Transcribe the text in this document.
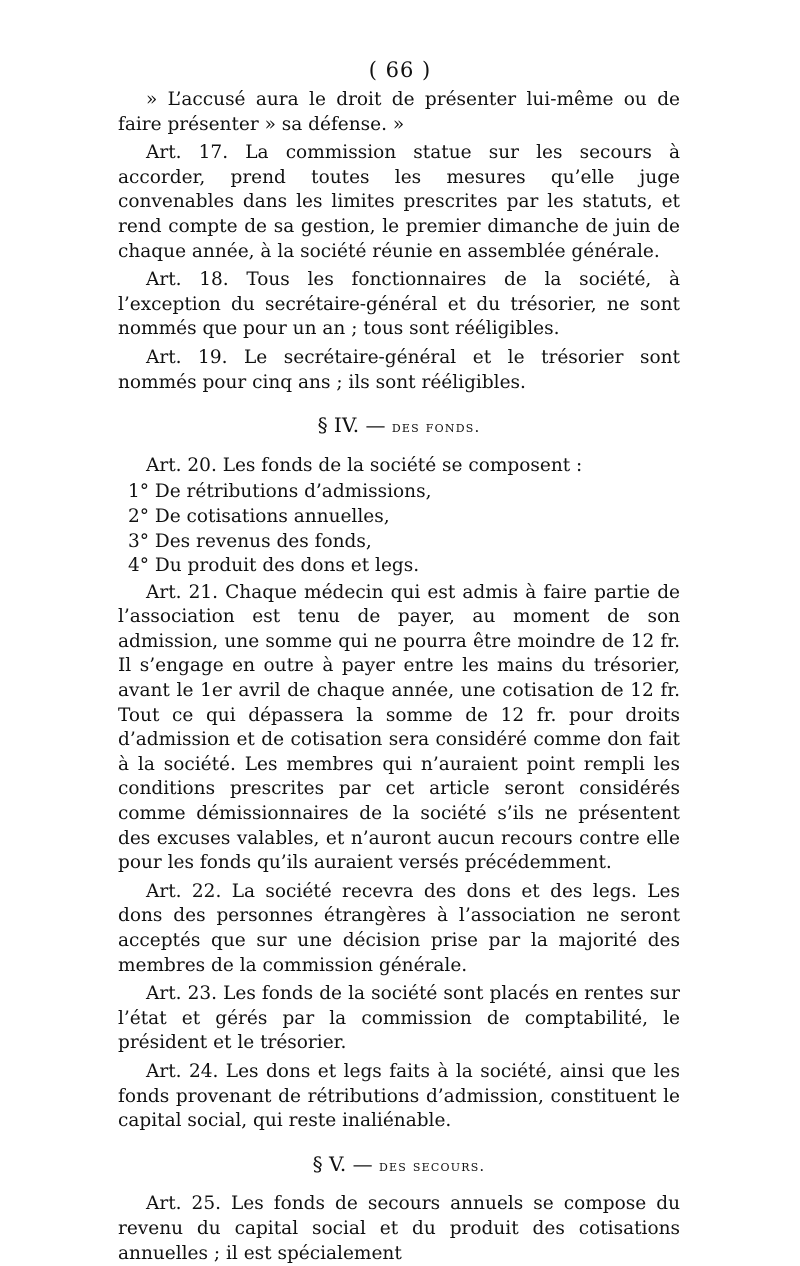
( 66 )

» L’accusé aura le droit de présenter lui-même ou de faire présenter » sa défense. »

Art. 17. La commission statue sur les secours à accorder, prend toutes les mesures qu’elle juge convenables dans les limites prescrites par les statuts, et rend compte de sa gestion, le premier dimanche de juin de chaque année, à la société réunie en assemblée générale.

Art. 18. Tous les fonctionnaires de la société, à l’exception du secrétaire-général et du trésorier, ne sont nommés que pour un an ; tous sont rééligibles.

Art. 19. Le secrétaire-général et le trésorier sont nommés pour cinq ans ; ils sont rééligibles.

§ IV. — des fonds.

Art. 20. Les fonds de la société se composent :

1° De rétributions d’admissions,
2° De cotisations annuelles,
3° Des revenus des fonds,
4° Du produit des dons et legs.

Art. 21. Chaque médecin qui est admis à faire partie de l’association est tenu de payer, au moment de son admission, une somme qui ne pourra être moindre de 12 fr. Il s’engage en outre à payer entre les mains du trésorier, avant le 1er avril de chaque année, une cotisation de 12 fr. Tout ce qui dépassera la somme de 12 fr. pour droits d’admission et de cotisation sera considéré comme don fait à la société. Les membres qui n’auraient point rempli les conditions prescrites par cet article seront considérés comme démissionnaires de la société s’ils ne présentent des excuses valables, et n’auront aucun recours contre elle pour les fonds qu’ils auraient versés précédemment.

Art. 22. La société recevra des dons et des legs. Les dons des personnes étrangères à l’association ne seront acceptés que sur une décision prise par la majorité des membres de la commission générale.

Art. 23. Les fonds de la société sont placés en rentes sur l’état et gérés par la commission de comptabilité, le président et le trésorier.

Art. 24. Les dons et legs faits à la société, ainsi que les fonds provenant de rétributions d’admission, constituent le capital social, qui reste inaliénable.

§ V. — des secours.

Art. 25. Les fonds de secours annuels se compose du revenu du capital social et du produit des cotisations annuelles ; il est spécialement
